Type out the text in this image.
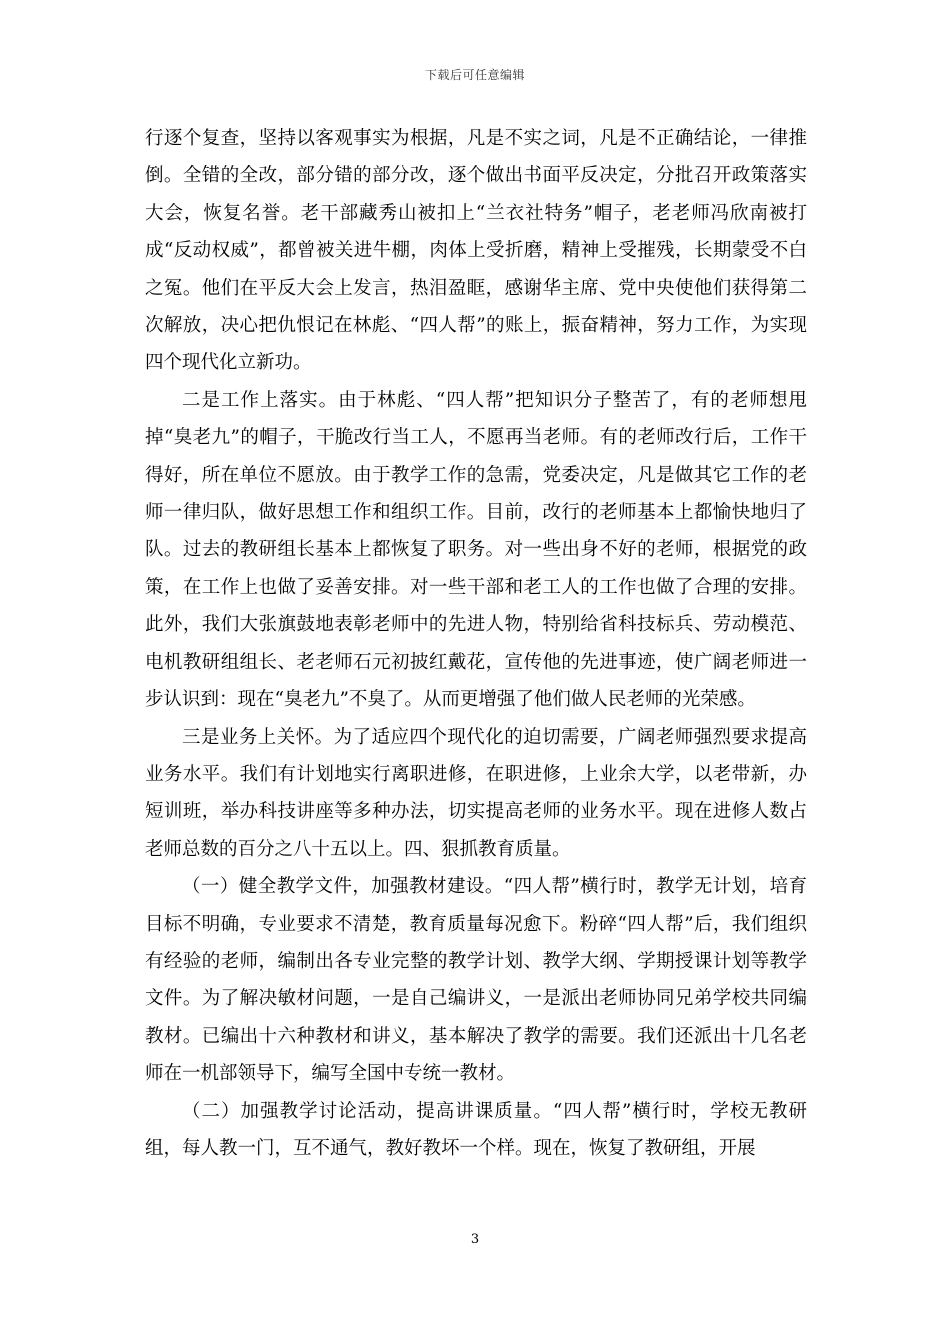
下载后可任意编辑

行逐个复查，坚持以客观事实为根据，凡是不实之词，凡是不正确结论，一律推倒。全错的全改，部分错的部分改，逐个做出书面平反决定，分批召开政策落实大会，恢复名誉。老干部藏秀山被扣上“兰衣社特务”帽子，老老师冯欣南被打成“反动权威”，都曾被关进牛棚，肉体上受折磨，精神上受摧残，长期蒙受不白之冤。他们在平反大会上发言，热泪盈眶，感谢华主席、党中央使他们获得第二次解放，决心把仇恨记在林彪、“四人帮”的账上，振奋精神，努力工作，为实现四个现代化立新功。

二是工作上落实。由于林彪、“四人帮”把知识分子整苦了，有的老师想甩掉“臭老九”的帽子，干脆改行当工人，不愿再当老师。有的老师改行后，工作干得好，所在单位不愿放。由于教学工作的急需，党委决定，凡是做其它工作的老师一律归队，做好思想工作和组织工作。目前，改行的老师基本上都愉快地归了队。过去的教研组长基本上都恢复了职务。对一些出身不好的老师，根据党的政策，在工作上也做了妥善安排。对一些干部和老工人的工作也做了合理的安排。此外，我们大张旗鼓地表彰老师中的先进人物，特别给省科技标兵、劳动模范、电机教研组组长、老老师石元初披红戴花，宣传他的先进事迹，使广阔老师进一步认识到：现在“臭老九”不臭了。从而更增强了他们做人民老师的光荣感。

三是业务上关怀。为了适应四个现代化的迫切需要，广阔老师强烈要求提高业务水平。我们有计划地实行离职进修，在职进修，上业余大学，以老带新，办短训班，举办科技讲座等多种办法，切实提高老师的业务水平。现在进修人数占老师总数的百分之八十五以上。四、狠抓教育质量。

（一）健全教学文件，加强教材建设。“四人帮”横行时，教学无计划，培育目标不明确，专业要求不清楚，教育质量每况愈下。粉碎“四人帮”后，我们组织有经验的老师，编制出各专业完整的教学计划、教学大纲、学期授课计划等教学文件。为了解决敏材问题，一是自己编讲义，一是派出老师协同兄弟学校共同编教材。已编出十六种教材和讲义，基本解决了教学的需要。我们还派出十几名老师在一机部领导下，编写全国中专统一教材。

（二）加强教学讨论活动，提高讲课质量。“四人帮”横行时，学校无教研组，每人教一门，互不通气，教好教坏一个样。现在，恢复了教研组，开展

3
